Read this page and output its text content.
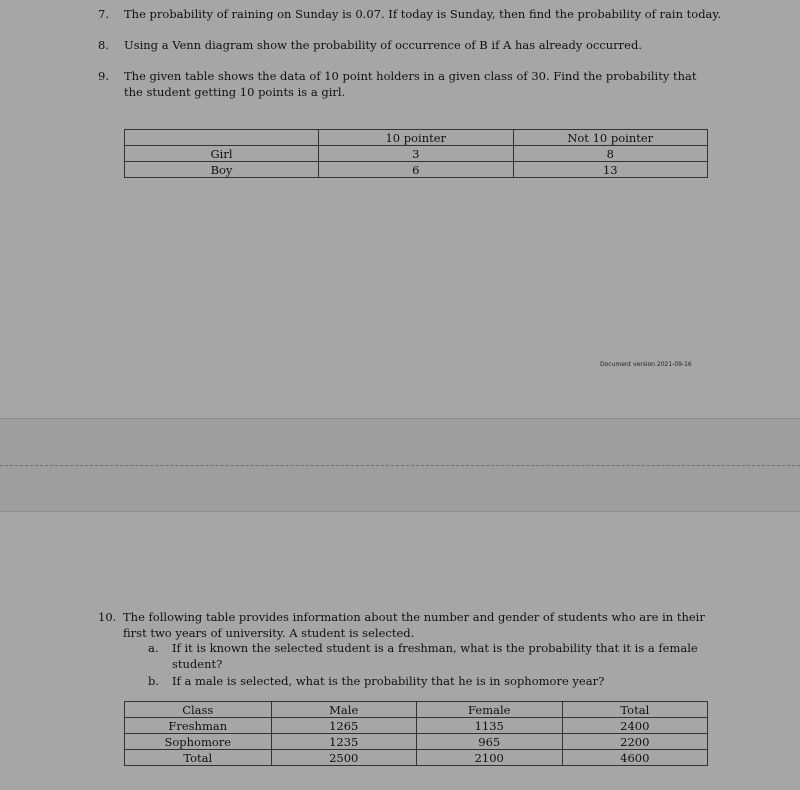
7. The probability of raining on Sunday is 0.07. If today is Sunday, then find the probability of rain today.
8. Using a Venn diagram show the probability of occurrence of B if A has already occurred.
9. The given table shows the data of 10 point holders in a given class of 30. Find the probability that the student getting 10 points is a girl.
	10 pointer	Not 10 pointer
Girl	3	8
Boy	6	13
Document version 2021-09-16
10. The following table provides information about the number and gender of students who are in their first two years of university. A student is selected.
a. If it is known the selected student is a freshman, what is the probability that it is a female student?
b. If a male is selected, what is the probability that he is in sophomore year?
Class	Male	Female	Total
Freshman	1265	1135	2400
Sophomore	1235	965	2200
Total	2500	2100	4600
